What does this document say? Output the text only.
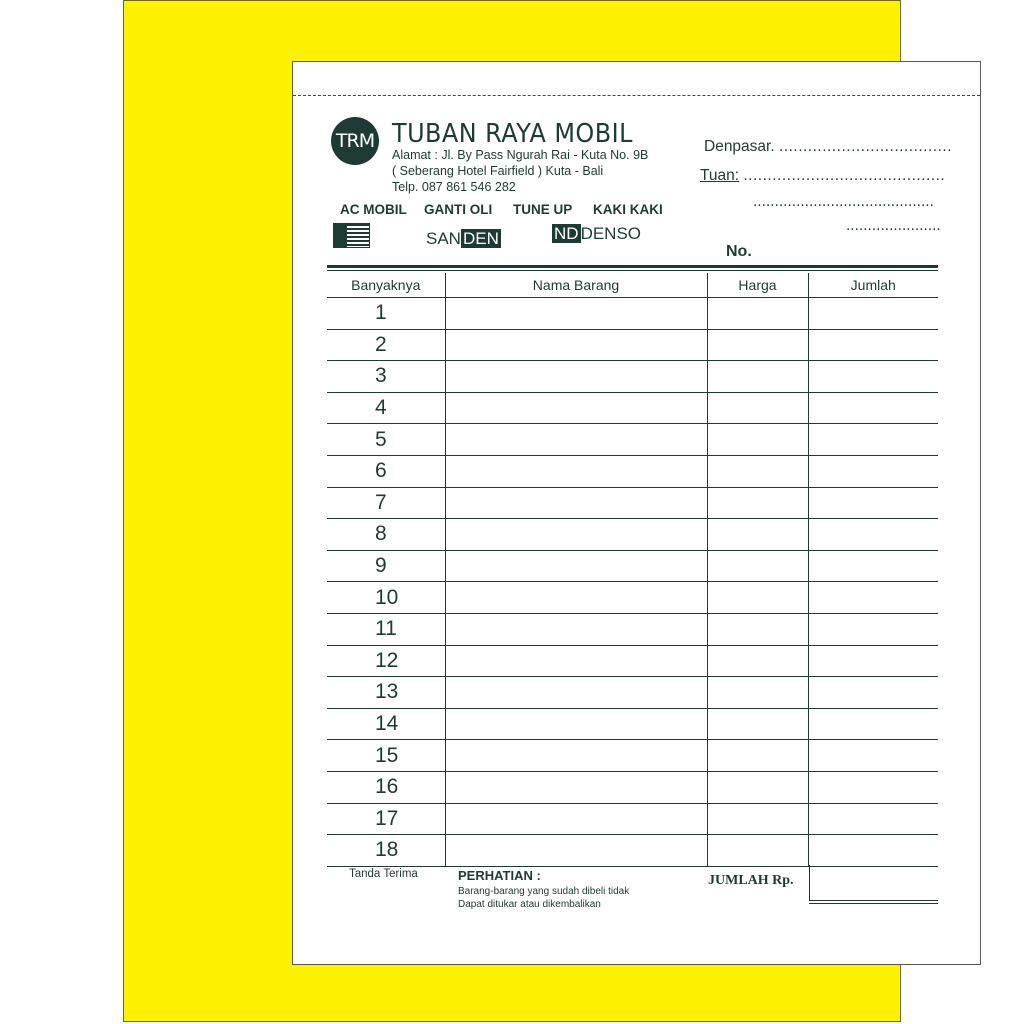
TRM TUBAN RAYA MOBIL
Alamat : Jl. By Pass Ngurah Rai - Kuta No. 9B
( Seberang Hotel Fairfield ) Kuta - Bali
Telp. 087 861 546 282
AC MOBIL GANTI OLI TUNE UP KAKI KAKI
SAN DEN	ND DENSO
Denpasar. ....................................
Tuan: ..........................................
..........................................
......................
No.
Banyaknya	Nama Barang	Harga	Jumlah
1			
2			
3			
4			
5			
6			
7			
8			
9			
10			
11			
12			
13			
14			
15			
16			
17			
18			
Tanda Terima	PERHATIAN :
Barang-barang yang sudah dibeli tidak
Dapat ditukar atau dikembalikan
JUMLAH Rp.
